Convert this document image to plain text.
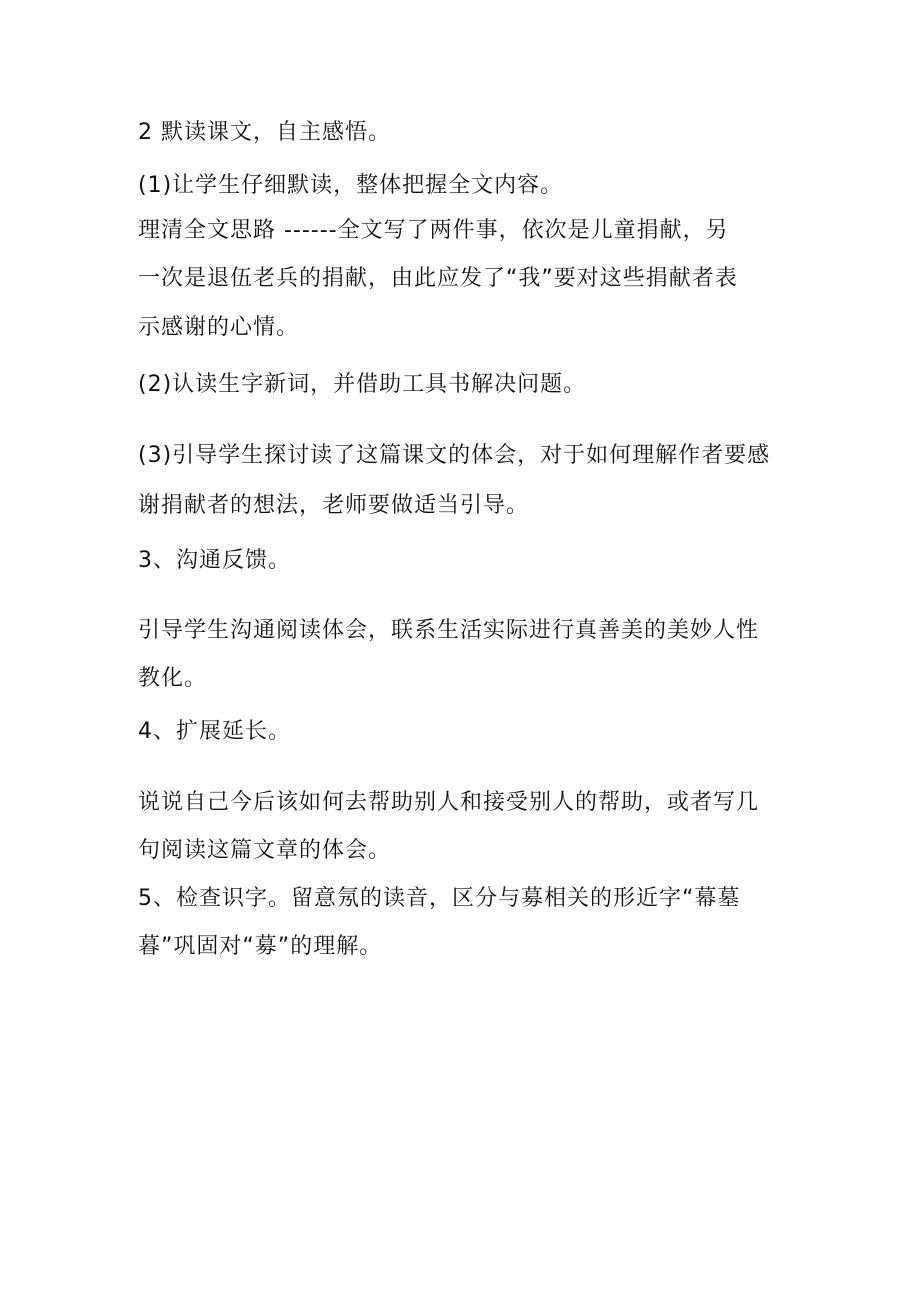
2 默读课文，自主感悟。
(1)让学生仔细默读，整体把握全文内容。
理清全文思路 ------全文写了两件事，依次是儿童捐献，另
一次是退伍老兵的捐献，由此应发了“我”要对这些捐献者表
示感谢的心情。
(2)认读生字新词，并借助工具书解决问题。
(3)引导学生探讨读了这篇课文的体会，对于如何理解作者要感
谢捐献者的想法，老师要做适当引导。
3、沟通反馈。
引导学生沟通阅读体会，联系生活实际进行真善美的美妙人性
教化。
4、扩展延长。
说说自己今后该如何去帮助别人和接受别人的帮助，或者写几
句阅读这篇文章的体会。
5、检查识字。留意氖的读音，区分与募相关的形近字“幕墓
暮”巩固对“募”的理解。
